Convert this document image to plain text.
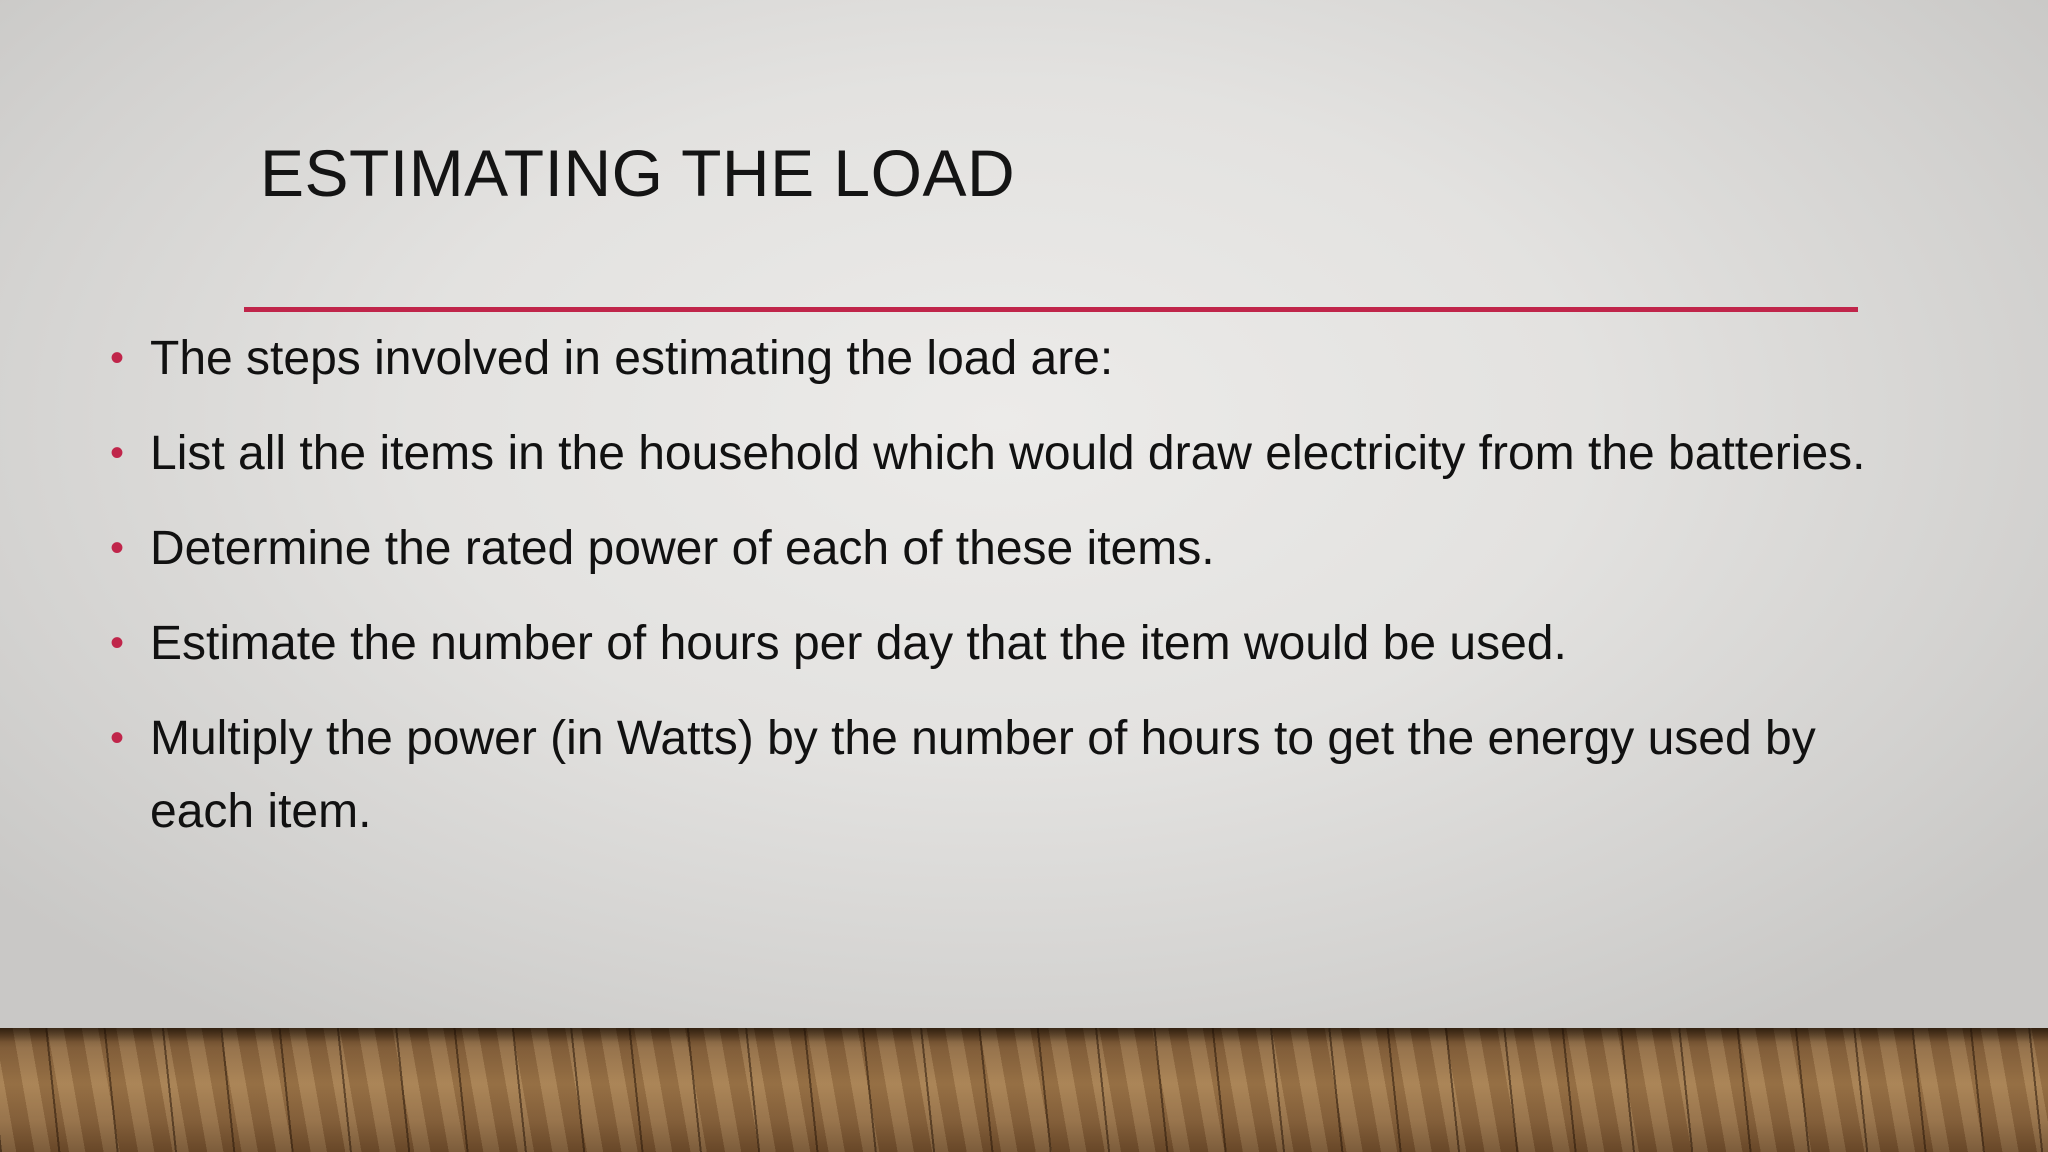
ESTIMATING THE LOAD
• The steps involved in estimating the load are:
• List all the items in the household which would draw electricity from the batteries.
• Determine the rated power of each of these items.
• Estimate the number of hours per day that the item would be used.
• Multiply the power (in Watts) by the number of hours to get the energy used by each item.
